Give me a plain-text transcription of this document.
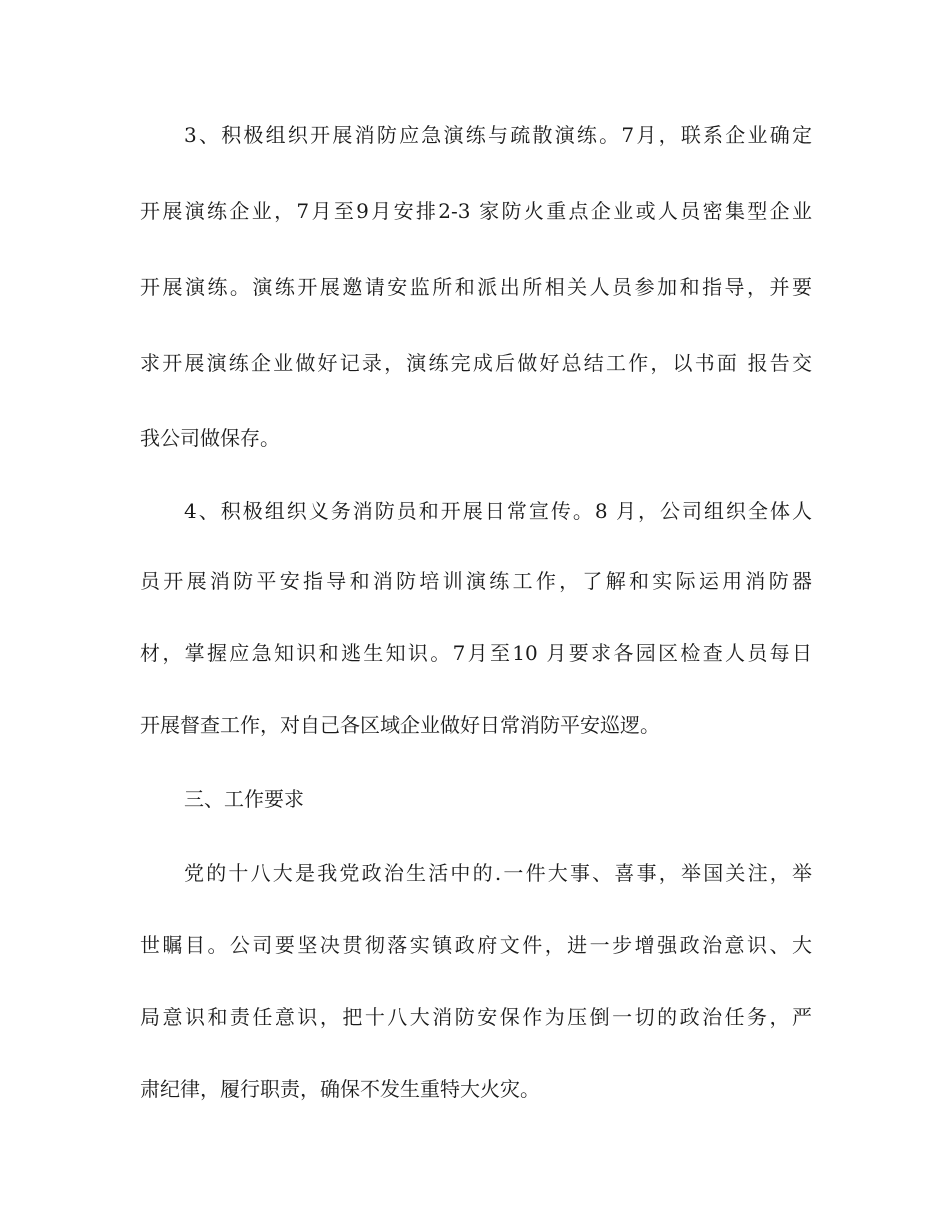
3、积极组织开展消防应急演练与疏散演练。7月，联系企业确定
开展演练企业，7月至9月安排2-3 家防火重点企业或人员密集型企业
开展演练。演练开展邀请安监所和派出所相关人员参加和指导，并要
求开展演练企业做好记录，演练完成后做好总结工作，以书面 报告交
我公司做保存。
4、积极组织义务消防员和开展日常宣传。8 月，公司组织全体人
员开展消防平安指导和消防培训演练工作，了解和实际运用消防器
材，掌握应急知识和逃生知识。7月至10 月要求各园区检查人员每日
开展督查工作，对自己各区域企业做好日常消防平安巡逻。
三、工作要求
党的十八大是我党政治生活中的.一件大事、喜事，举国关注，举
世瞩目。公司要坚决贯彻落实镇政府文件，进一步增强政治意识、大
局意识和责任意识，把十八大消防安保作为压倒一切的政治任务，严
肃纪律，履行职责，确保不发生重特大火灾。
